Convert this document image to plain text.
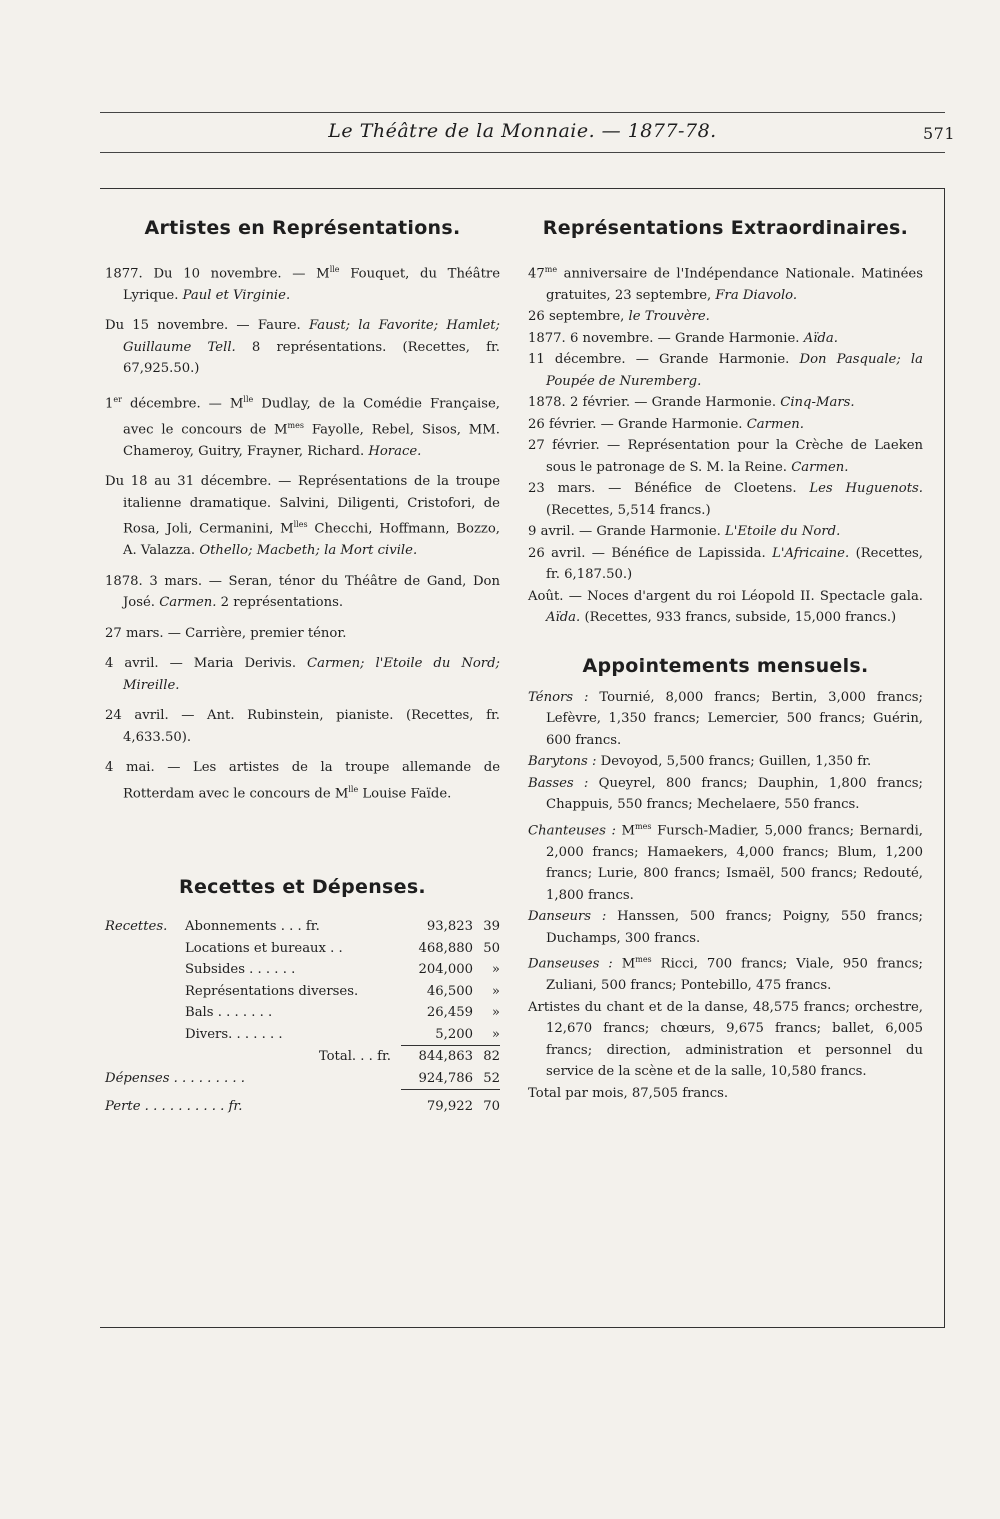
Le Théâtre de la Monnaie. — 1877-78.	571
Artistes en Représentations.

1877. Du 10 novembre. — $M^{lle}$ Fouquet, du Théâtre Lyrique. Paul et Virginie.

Du 15 novembre. — Faure. Faust; la Favorite; Hamlet; Guillaume Tell. 8 représentations. (Recettes, fr. 67,925.50.)

1er décembre. — $M^{lle}$ Dudlay, de la Comédie Française, avec le concours de $M^{mes}$ Fayolle, Rebel, Sisos, MM. Chameroy, Guitry, Frayner, Richard. Horace.

Du 18 au 31 décembre. — Représentations de la troupe italienne dramatique. Salvini, Diligenti, Cristofori, de Rosa, Joli, Cermanini, $M^{lles}$ Checchi, Hoffmann, Bozzo, A. Valazza. Othello; Macbeth; la Mort civile.

1878. 3 mars. — Seran, ténor du Théâtre de Gand, Don José. Carmen. 2 représentations.

27 mars. — Carrière, premier ténor.

4 avril. — Maria Derivis. Carmen; l'Etoile du Nord; Mireille.

24 avril. — Ant. Rubinstein, pianiste. (Recettes, fr. 4,633.50).

4 mai. — Les artistes de la troupe allemande de Rotterdam avec le concours de $M^{lle}$ Louise Faïde.

Recettes et Dépenses.
Recettes.	Abonnements . . . fr.	93,823	39
	Locations et bureaux . .	468,880	50
	Subsides . . . . . .	204,000	»
	Représentations diverses.	46,500	»
	Bals . . . . . . .	26,459	»
	Divers. . . . . . .	5,200	»
	Total. . . fr.	844,863	82
Dépenses . . . . . . . . .		924,786	52
Perte . . . . . . . . . . fr.		79,922	70
Représentations Extraordinaires.

$47^{me}$ anniversaire de l'Indépendance Nationale. Matinées gratuites, 23 septembre, Fra Diavolo.

26 septembre, le Trouvère.

1877. 6 novembre. — Grande Harmonie. Aïda.

11 décembre. — Grande Harmonie. Don Pasquale; la Poupée de Nuremberg.

1878. 2 février. — Grande Harmonie. Cinq-Mars.

26 février. — Grande Harmonie. Carmen.

27 février. — Représentation pour la Crèche de Laeken sous le patronage de S. M. la Reine. Carmen.

23 mars. — Bénéfice de Cloetens. Les Huguenots. (Recettes, 5,514 francs.)

9 avril. — Grande Harmonie. L'Etoile du Nord.

26 avril. — Bénéfice de Lapissida. L'Africaine. (Recettes, fr. 6,187.50.)

Août. — Noces d'argent du roi Léopold II. Spectacle gala. Aïda. (Recettes, 933 francs, subside, 15,000 francs.)

Appointements mensuels.

Ténors : Tournié, 8,000 francs; Bertin, 3,000 francs; Lefèvre, 1,350 francs; Lemercier, 500 francs; Guérin, 600 francs.

Barytons : Devoyod, 5,500 francs; Guillen, 1,350 fr.

Basses : Queyrel, 800 francs; Dauphin, 1,800 francs; Chappuis, 550 francs; Mechelaere, 550 francs.

Chanteuses : $M^{mes}$ Fursch-Madier, 5,000 francs; Bernardi, 2,000 francs; Hamaekers, 4,000 francs; Blum, 1,200 francs; Lurie, 800 francs; Ismaël, 500 francs; Redouté, 1,800 francs.

Danseurs : Hanssen, 500 francs; Poigny, 550 francs; Duchamps, 300 francs.

Danseuses : $M^{mes}$ Ricci, 700 francs; Viale, 950 francs; Zuliani, 500 francs; Pontebillo, 475 francs.

Artistes du chant et de la danse, 48,575 francs; orchestre, 12,670 francs; chœurs, 9,675 francs; ballet, 6,005 francs; direction, administration et personnel du service de la scène et de la salle, 10,580 francs.

Total par mois, 87,505 francs.
